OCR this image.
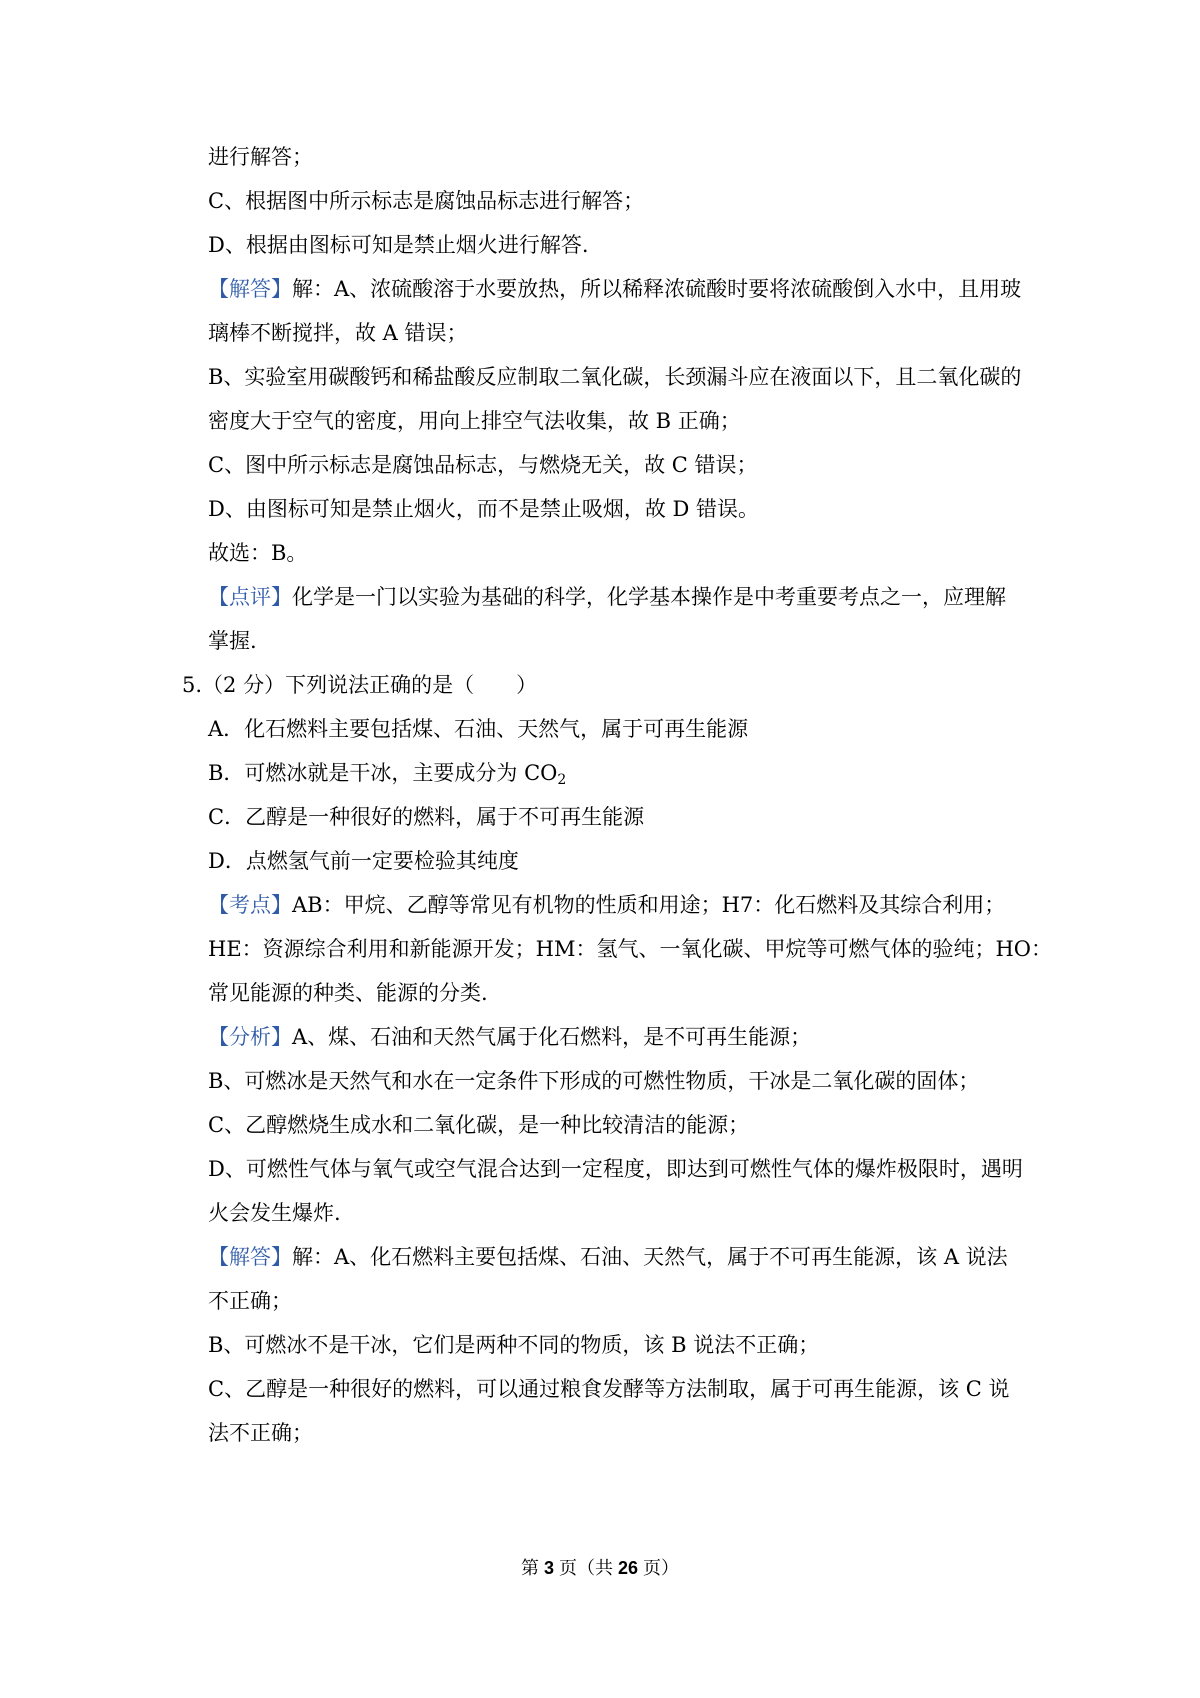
进行解答；
C、根据图中所示标志是腐蚀品标志进行解答；
D、根据由图标可知是禁止烟火进行解答.
【解答】解：A、浓硫酸溶于水要放热，所以稀释浓硫酸时要将浓硫酸倒入水中，且用玻
璃棒不断搅拌，故 A 错误；
B、实验室用碳酸钙和稀盐酸反应制取二氧化碳，长颈漏斗应在液面以下，且二氧化碳的
密度大于空气的密度，用向上排空气法收集，故 B 正确；
C、图中所示标志是腐蚀品标志，与燃烧无关，故 C 错误；
D、由图标可知是禁止烟火，而不是禁止吸烟，故 D 错误。
故选：B。
【点评】化学是一门以实验为基础的科学，化学基本操作是中考重要考点之一，应理解
掌握.
5.（2 分）下列说法正确的是（　　）
A．化石燃料主要包括煤、石油、天然气，属于可再生能源
B．可燃冰就是干冰，主要成分为 $CO_2$
C．乙醇是一种很好的燃料，属于不可再生能源
D．点燃氢气前一定要检验其纯度
【考点】AB：甲烷、乙醇等常见有机物的性质和用途；H7：化石燃料及其综合利用；
HE：资源综合利用和新能源开发；HM：氢气、一氧化碳、甲烷等可燃气体的验纯；HO：
常见能源的种类、能源的分类.
【分析】A、煤、石油和天然气属于化石燃料，是不可再生能源；
B、可燃冰是天然气和水在一定条件下形成的可燃性物质，干冰是二氧化碳的固体；
C、乙醇燃烧生成水和二氧化碳，是一种比较清洁的能源；
D、可燃性气体与氧气或空气混合达到一定程度，即达到可燃性气体的爆炸极限时，遇明
火会发生爆炸.
【解答】解：A、化石燃料主要包括煤、石油、天然气，属于不可再生能源，该 A 说法
不正确；
B、可燃冰不是干冰，它们是两种不同的物质，该 B 说法不正确；
C、乙醇是一种很好的燃料，可以通过粮食发酵等方法制取，属于可再生能源，该 C 说
法不正确；
第 3 页（共 26 页）
